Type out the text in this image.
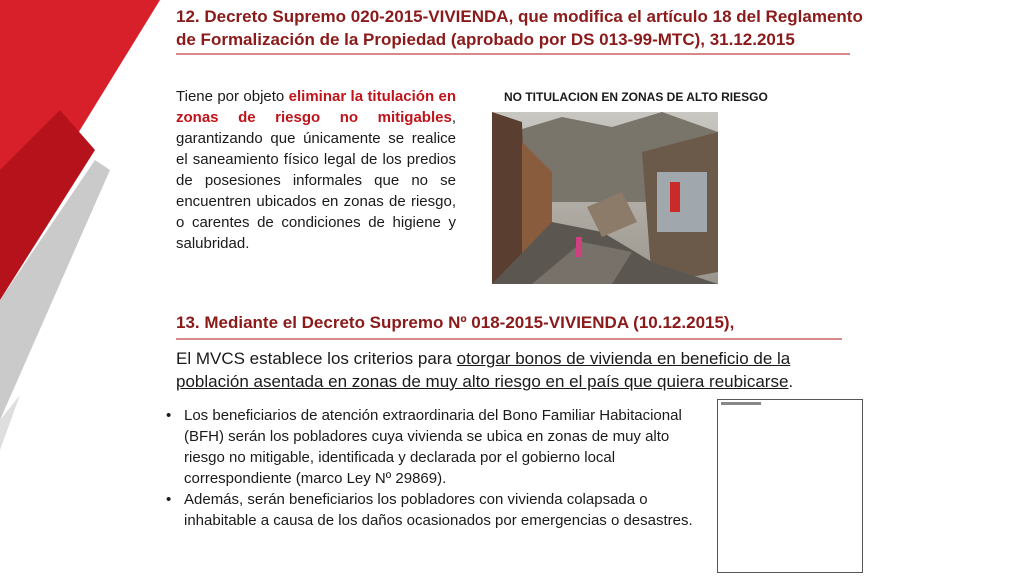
12. Decreto Supremo 020-2015-VIVIENDA, que modifica el artículo 18 del Reglamento de Formalización de la Propiedad (aprobado por DS 013-99-MTC), 31.12.2015
Tiene por objeto eliminar la titulación en zonas de riesgo no mitigables, garantizando que únicamente se realice el saneamiento físico legal de los predios de posesiones informales que no se encuentren ubicados en zonas de riesgo, o carentes de condiciones de higiene y salubridad.
NO TITULACION EN ZONAS DE ALTO RIESGO
13. Mediante el Decreto Supremo Nº 018-2015-VIVIENDA (10.12.2015),
El MVCS establece los criterios para otorgar bonos de vivienda en beneficio de la población asentada en zonas de muy alto riesgo en el país que quiera reubicarse.
• Los beneficiarios de atención extraordinaria del Bono Familiar Habitacional (BFH) serán los pobladores cuya vivienda se ubica en zonas de muy alto riesgo no mitigable, identificada y declarada por el gobierno local correspondiente (marco Ley Nº 29869).
• Además, serán beneficiarios los pobladores con vivienda colapsada o inhabitable a causa de los daños ocasionados por emergencias o desastres.
